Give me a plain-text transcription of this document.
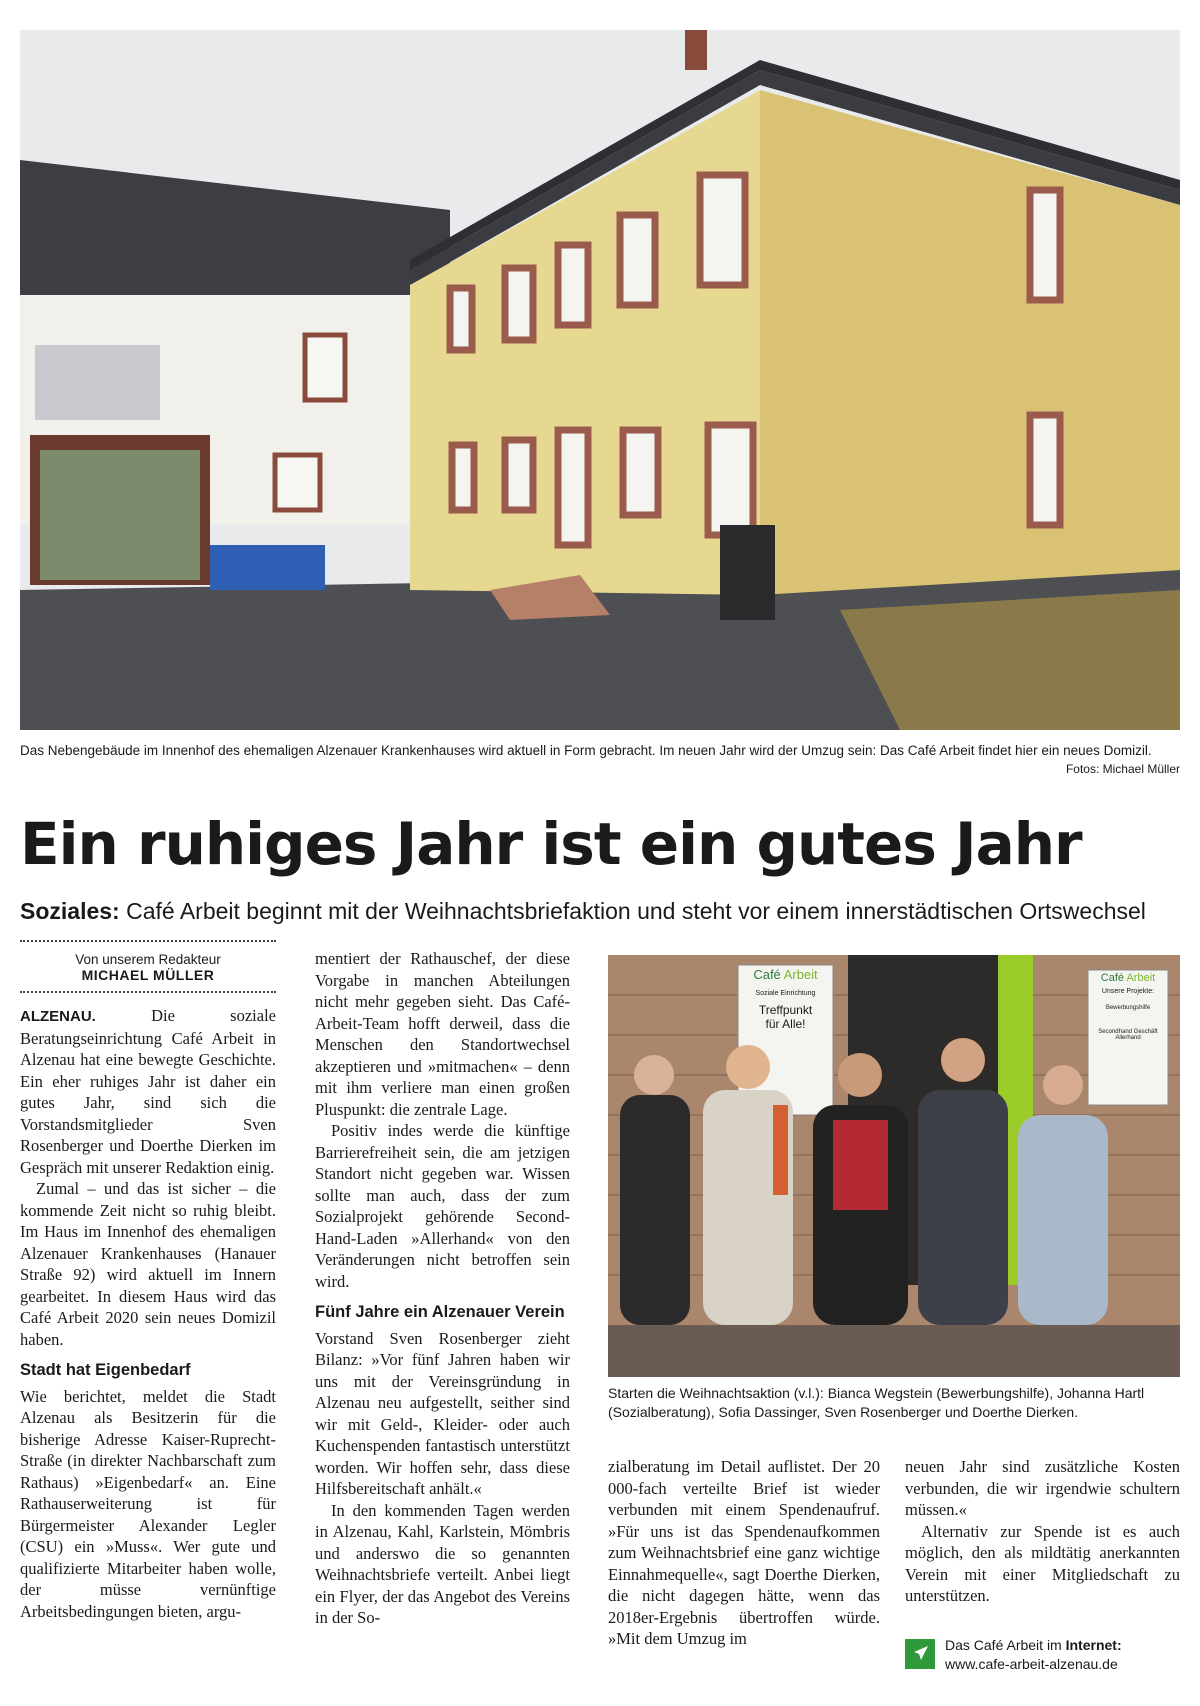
Das Nebengebäude im Innenhof des ehemaligen Alzenauer Krankenhauses wird aktuell in Form gebracht. Im neuen Jahr wird der Umzug sein: Das Café Arbeit findet hier ein neues Domizil.
Fotos: Michael Müller
Ein ruhiges Jahr ist ein gutes Jahr
Soziales: Café Arbeit beginnt mit der Weihnachtsbriefaktion und steht vor einem innerstädtischen Ortswechsel
Von unserem Redakteur
MICHAEL MÜLLER

ALZENAU.	Die soziale Beratungseinrichtung Café Arbeit in Alzenau hat eine bewegte Geschichte. Ein eher ruhiges Jahr ist daher ein gutes Jahr, sind sich die Vorstandsmitglieder Sven Rosenberger und Doerthe Dierken im Gespräch mit unserer Redaktion einig.

Zumal – und das ist sicher – die kommende Zeit nicht so ruhig bleibt. Im Haus im Innenhof des ehemaligen Alzenauer Krankenhauses (Hanauer Straße 92) wird aktuell im Innern gearbeitet. In diesem Haus wird das Café Arbeit 2020 sein neues Domizil haben.

Stadt hat Eigenbedarf

Wie berichtet, meldet die Stadt Alzenau als Besitzerin für die bisherige Adresse Kaiser-Ruprecht-Straße (in direkter Nachbarschaft zum Rathaus) »Eigenbedarf« an. Eine Rathauserweiterung ist für Bürgermeister Alexander Legler (CSU) ein »Muss«. Wer gute und qualifizierte Mitarbeiter haben wolle, der müsse vernünftige Arbeitsbedingungen bieten, argu-

mentiert der Rathauschef, der diese Vorgabe in manchen Abteilungen nicht mehr gegeben sieht. Das Café-Arbeit-Team hofft derweil, dass die Menschen den Standortwechsel akzeptieren und »mitmachen« – denn mit ihm verliere man einen großen Pluspunkt: die zentrale Lage.

Positiv indes werde die künftige Barrierefreiheit sein, die am jetzigen Standort nicht gegeben war. Wissen sollte man auch, dass der zum Sozialprojekt gehörende Second-Hand-Laden »Allerhand« von den Veränderungen nicht betroffen sein wird.

Fünf Jahre ein Alzenauer Verein

Vorstand Sven Rosenberger zieht Bilanz: »Vor fünf Jahren haben wir uns mit der Vereinsgründung in Alzenau neu aufgestellt, seither sind wir mit Geld-, Kleider- oder auch Kuchenspenden fantastisch unterstützt worden. Wir hoffen sehr, dass diese Hilfsbereitschaft anhält.«

In den kommenden Tagen werden in Alzenau, Kahl, Karlstein, Mömbris und anderswo die so genannten Weihnachtsbriefe verteilt. Anbei liegt ein Flyer, der das Angebot des Vereins in der So-

Café Arbeit
Soziale Einrichtung
Treffpunkt
für Alle!
Café Arbeit
Unsere Projekte:
Bewerbungshilfe
Secondhand Geschäft Allerhand
Starten die Weihnachtsaktion (v.l.): Bianca Wegstein (Bewerbungshilfe), Johanna Hartl (Sozialberatung), Sofia Dassinger, Sven Rosenberger und Doerthe Dierken.

zialberatung im Detail auflistet. Der 20 000-fach verteilte Brief ist wieder verbunden mit einem Spendenaufruf. »Für uns ist das Spendenaufkommen zum Weihnachtsbrief eine ganz wichtige Einnahmequelle«, sagt Doerthe Dierken, die nicht dagegen hätte, wenn das 2018er-Ergebnis übertroffen würde. »Mit dem Umzug im

neuen Jahr sind zusätzliche Kosten verbunden, die wir irgendwie schultern müssen.«

Alternativ zur Spende ist es auch möglich, den als mildtätig anerkannten Verein mit einer Mitgliedschaft zu unterstützen.

Das Café Arbeit im Internet:
www.cafe-arbeit-alzenau.de
